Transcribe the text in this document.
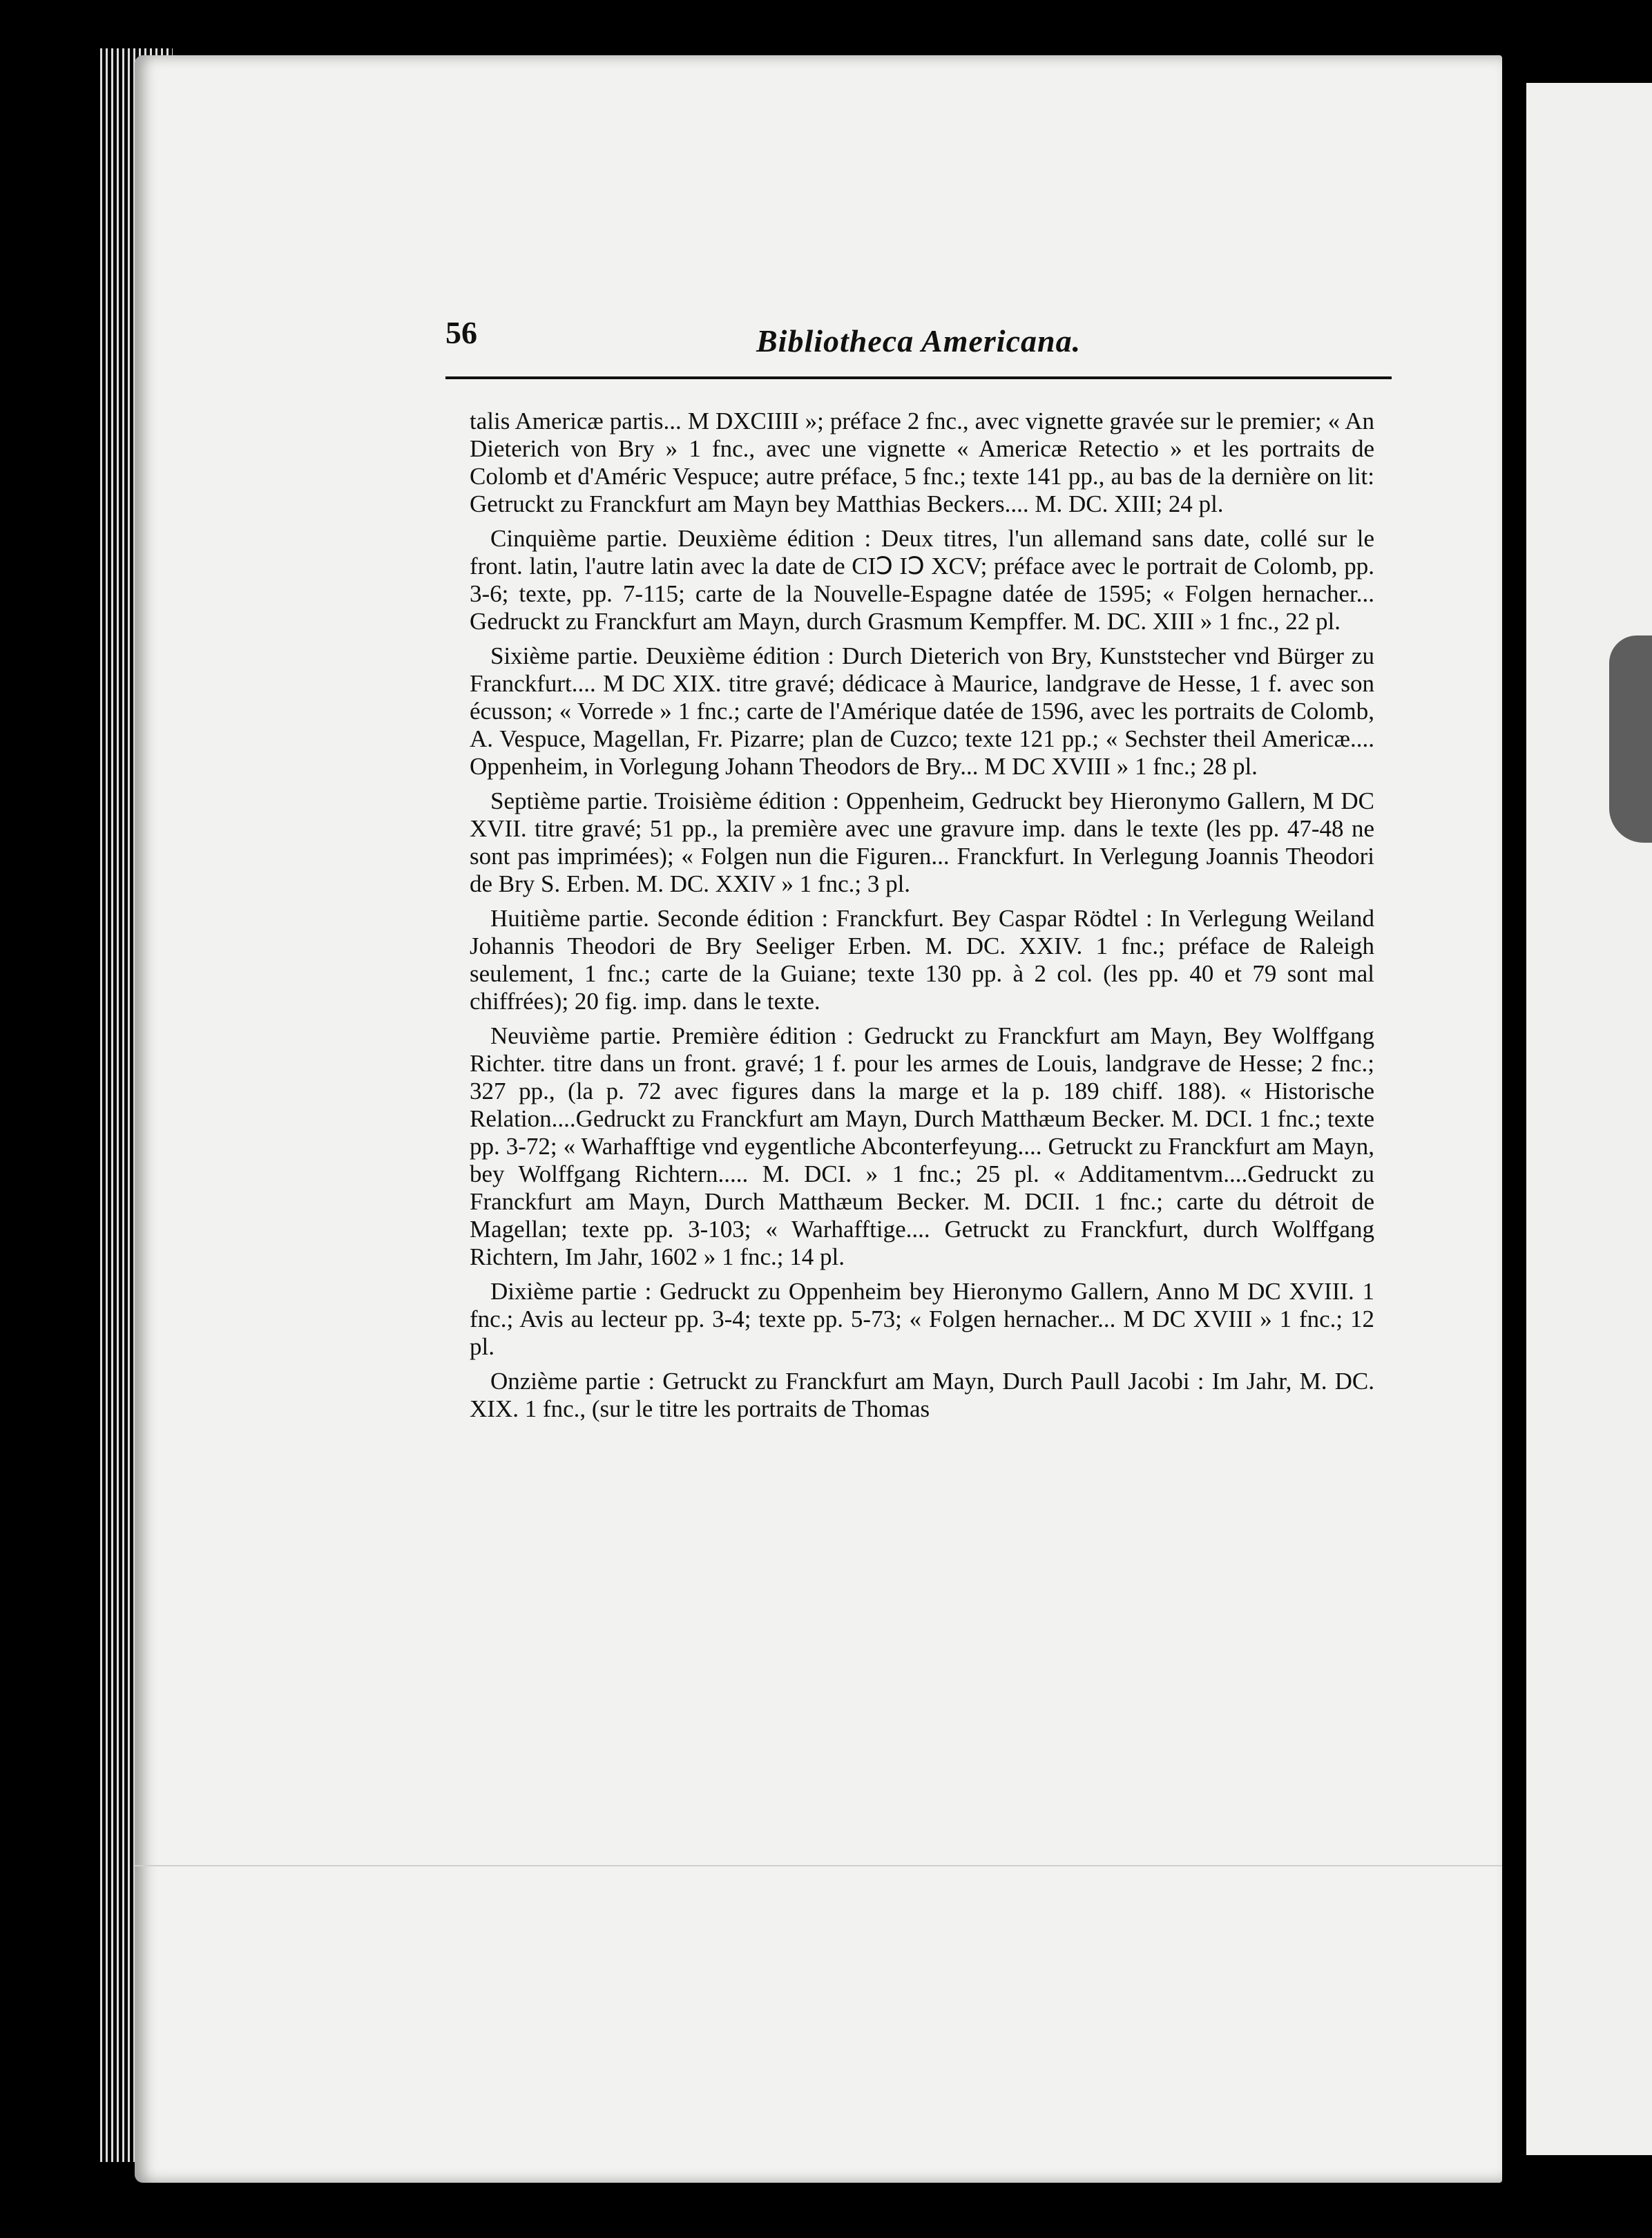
56	Bibliotheca Americana.

talis Americæ partis... M DXCIIII »; préface 2 fnc., avec vignette gravée sur le premier; « An Dieterich von Bry » 1 fnc., avec une vignette « Americæ Retectio » et les portraits de Colomb et d'Améric Vespuce; autre préface, 5 fnc.; texte 141 pp., au bas de la dernière on lit: Getruckt zu Franckfurt am Mayn bey Matthias Beckers.... M. DC. XIII; 24 pl.

Cinquième partie. Deuxième édition : Deux titres, l'un allemand sans date, collé sur le front. latin, l'autre latin avec la date de CIↃ IↃ XCV; préface avec le portrait de Colomb, pp. 3-6; texte, pp. 7-115; carte de la Nouvelle-Espagne datée de 1595; « Folgen hernacher... Gedruckt zu Franckfurt am Mayn, durch Grasmum Kempffer. M. DC. XIII » 1 fnc., 22 pl.

Sixième partie. Deuxième édition : Durch Dieterich von Bry, Kunststecher vnd Bürger zu Franckfurt.... M DC XIX. titre gravé; dédicace à Maurice, landgrave de Hesse, 1 f. avec son écusson; « Vorrede » 1 fnc.; carte de l'Amérique datée de 1596, avec les portraits de Colomb, A. Vespuce, Magellan, Fr. Pizarre; plan de Cuzco; texte 121 pp.; « Sechster theil Americæ.... Oppenheim, in Vorlegung Johann Theodors de Bry... M DC XVIII » 1 fnc.; 28 pl.

Septième partie. Troisième édition : Oppenheim, Gedruckt bey Hieronymo Gallern, M DC XVII. titre gravé; 51 pp., la première avec une gravure imp. dans le texte (les pp. 47-48 ne sont pas imprimées); « Folgen nun die Figuren... Franckfurt. In Verlegung Joannis Theodori de Bry S. Erben. M. DC. XXIV » 1 fnc.; 3 pl.

Huitième partie. Seconde édition : Franckfurt. Bey Caspar Rödtel : In Verlegung Weiland Johannis Theodori de Bry Seeliger Erben. M. DC. XXIV. 1 fnc.; préface de Raleigh seulement, 1 fnc.; carte de la Guiane; texte 130 pp. à 2 col. (les pp. 40 et 79 sont mal chiffrées); 20 fig. imp. dans le texte.

Neuvième partie. Première édition : Gedruckt zu Franckfurt am Mayn, Bey Wolffgang Richter. titre dans un front. gravé; 1 f. pour les armes de Louis, landgrave de Hesse; 2 fnc.; 327 pp., (la p. 72 avec figures dans la marge et la p. 189 chiff. 188). « Historische Relation....Gedruckt zu Franckfurt am Mayn, Durch Matthæum Becker. M. DCI. 1 fnc.; texte pp. 3-72; « Warhafftige vnd eygentliche Abconterfeyung.... Getruckt zu Franckfurt am Mayn, bey Wolffgang Richtern..... M. DCI. » 1 fnc.; 25 pl. « Additamentvm....Gedruckt zu Franckfurt am Mayn, Durch Matthæum Becker. M. DCII. 1 fnc.; carte du détroit de Magellan; texte pp. 3-103; « Warhafftige.... Getruckt zu Franckfurt, durch Wolffgang Richtern, Im Jahr, 1602 » 1 fnc.; 14 pl.

Dixième partie : Gedruckt zu Oppenheim bey Hieronymo Gallern, Anno M DC XVIII. 1 fnc.; Avis au lecteur pp. 3-4; texte pp. 5-73; « Folgen hernacher... M DC XVIII » 1 fnc.; 12 pl.

Onzième partie : Getruckt zu Franckfurt am Mayn, Durch Paull Jacobi : Im Jahr, M. DC. XIX. 1 fnc., (sur le titre les portraits de Thomas
